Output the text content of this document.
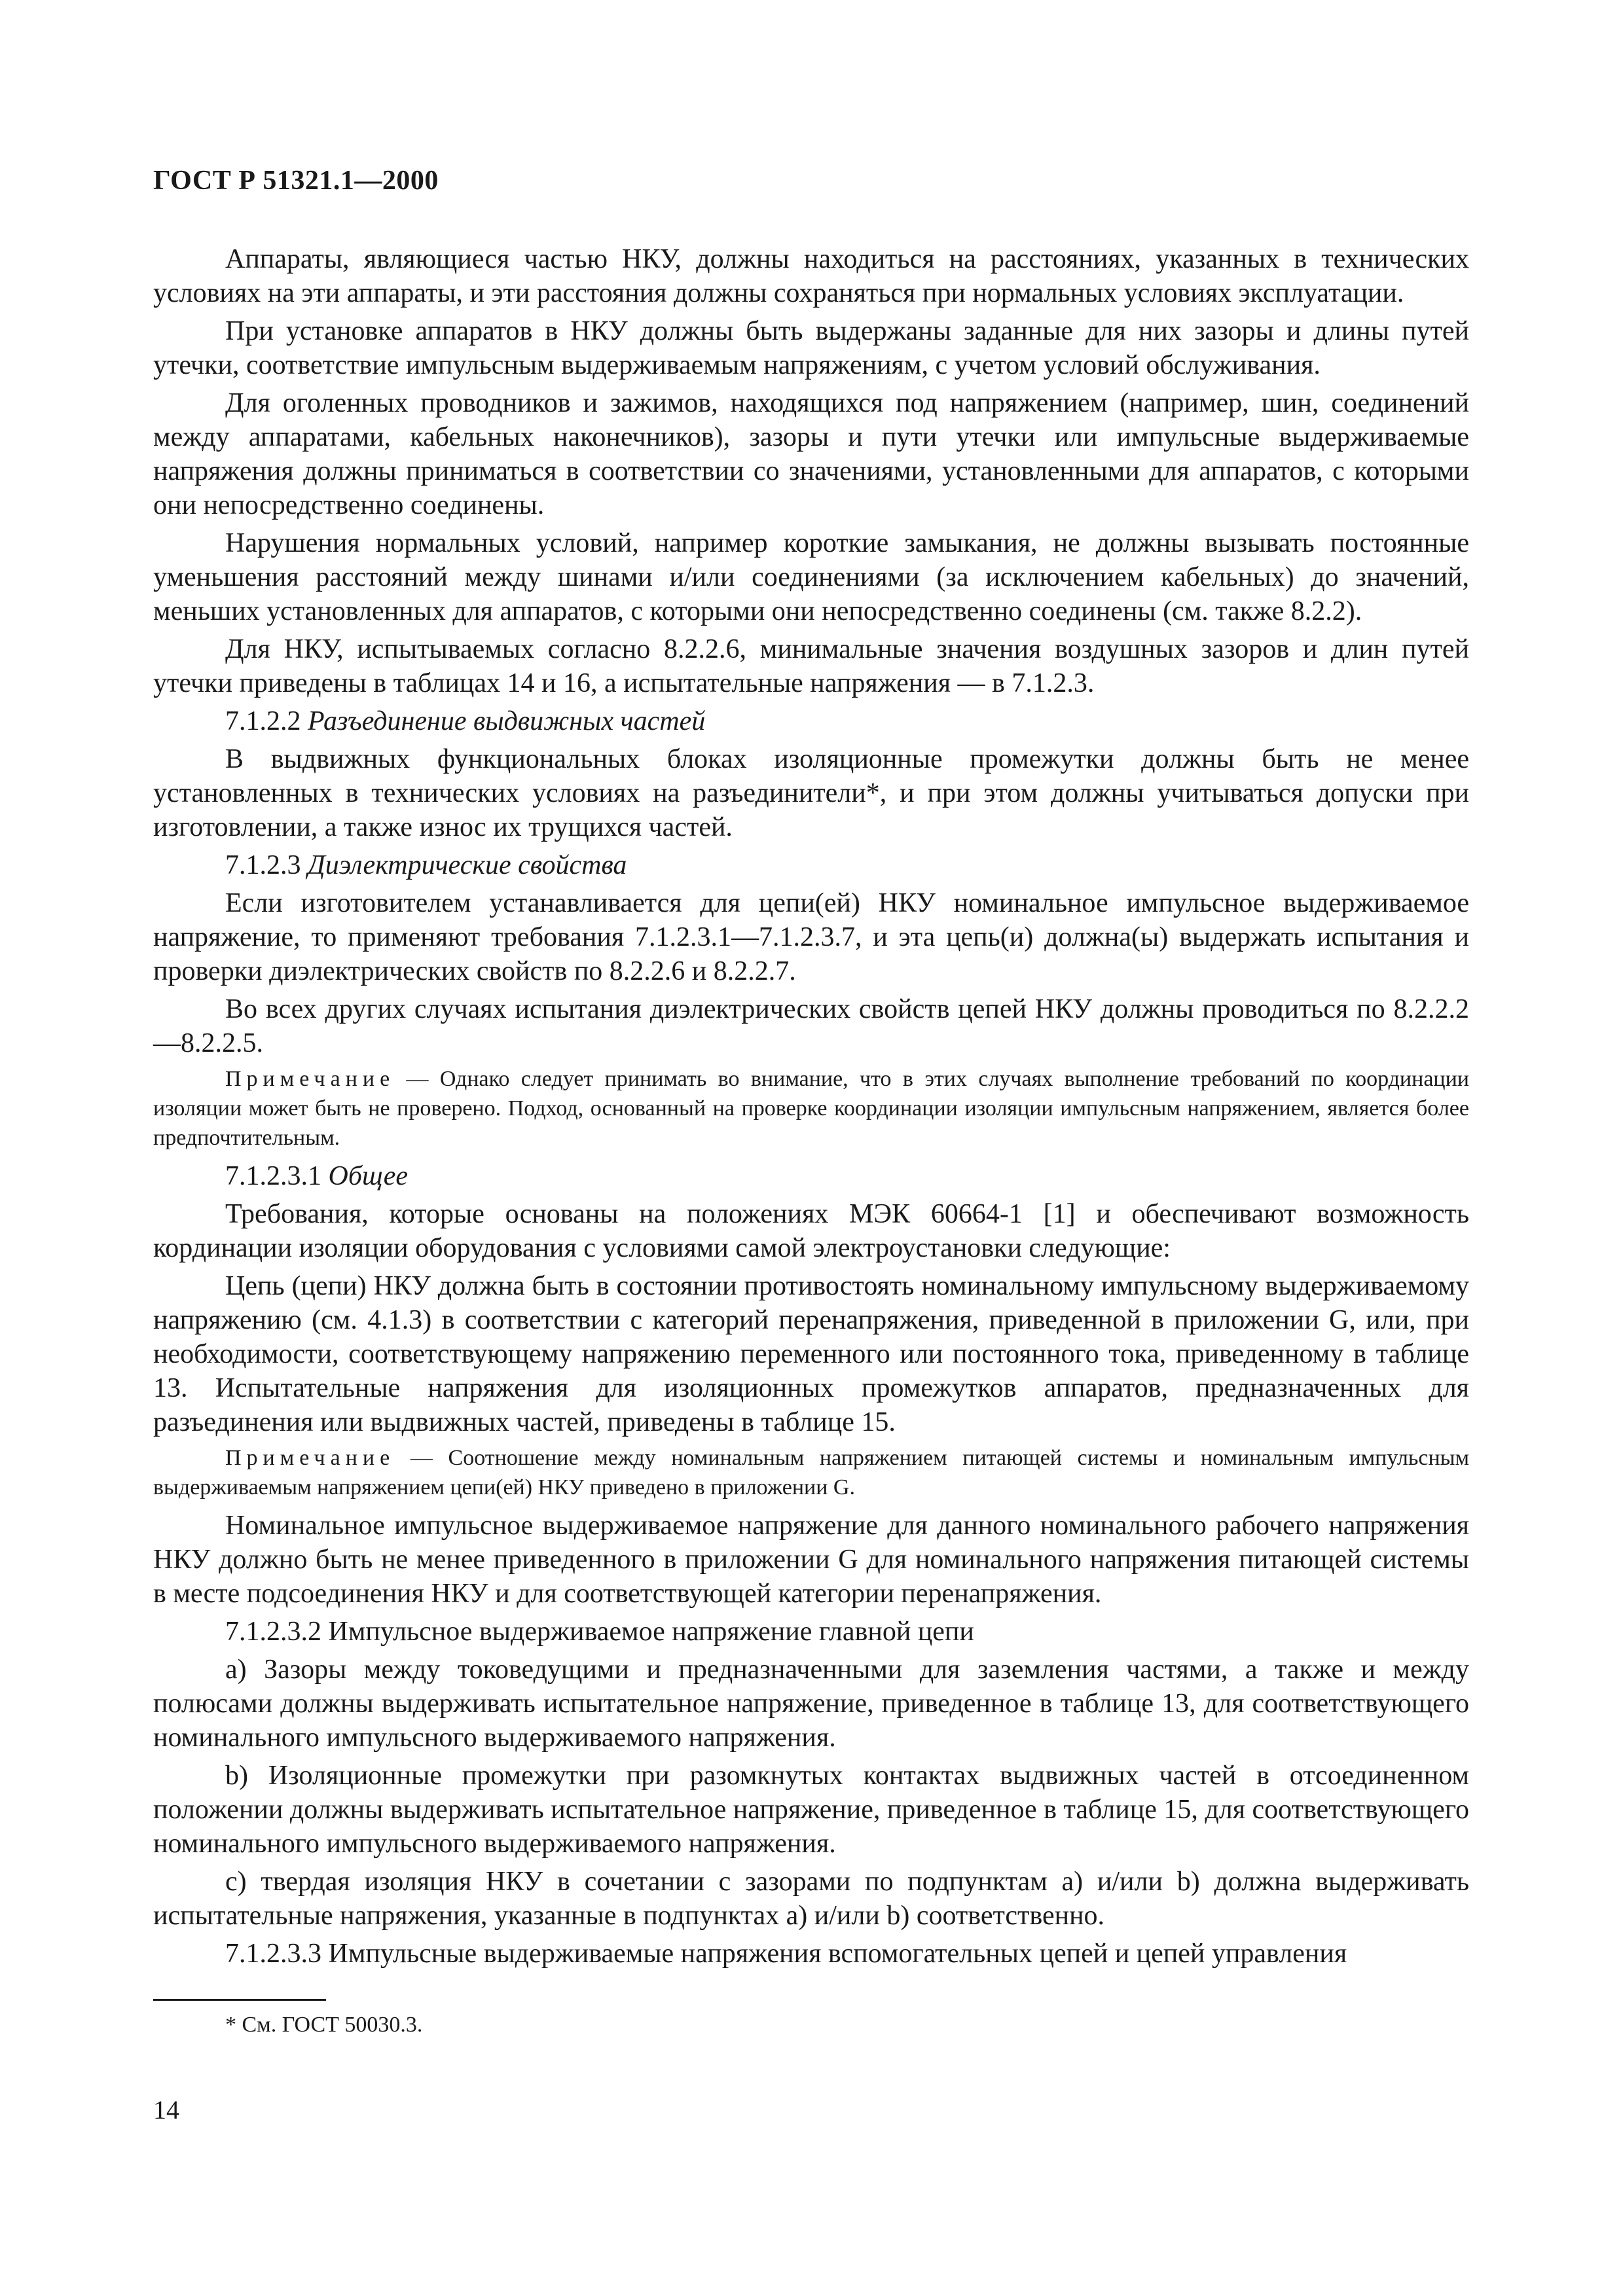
ГОСТ Р 51321.1—2000

Аппараты, являющиеся частью НКУ, должны находиться на расстояниях, указанных в технических условиях на эти аппараты, и эти расстояния должны сохраняться при нормальных условиях эксплуатации.

При установке аппаратов в НКУ должны быть выдержаны заданные для них зазоры и длины путей утечки, соответствие импульсным выдерживаемым напряжениям, с учетом условий обслуживания.

Для оголенных проводников и зажимов, находящихся под напряжением (например, шин, соединений между аппаратами, кабельных наконечников), зазоры и пути утечки или импульсные выдерживаемые напряжения должны приниматься в соответствии со значениями, установленными для аппаратов, с которыми они непосредственно соединены.

Нарушения нормальных условий, например короткие замыкания, не должны вызывать постоянные уменьшения расстояний между шинами и/или соединениями (за исключением кабельных) до значений, меньших установленных для аппаратов, с которыми они непосредственно соединены (см. также 8.2.2).

Для НКУ, испытываемых согласно 8.2.2.6, минимальные значения воздушных зазоров и длин путей утечки приведены в таблицах 14 и 16, а испытательные напряжения — в 7.1.2.3.

7.1.2.2 Разъединение выдвижных частей

В выдвижных функциональных блоках изоляционные промежутки должны быть не менее установленных в технических условиях на разъединители*, и при этом должны учитываться допуски при изготовлении, а также износ их трущихся частей.

7.1.2.3 Диэлектрические свойства

Если изготовителем устанавливается для цепи(ей) НКУ номинальное импульсное выдерживаемое напряжение, то применяют требования 7.1.2.3.1—7.1.2.3.7, и эта цепь(и) должна(ы) выдержать испытания и проверки диэлектрических свойств по 8.2.2.6 и 8.2.2.7.

Во всех других случаях испытания диэлектрических свойств цепей НКУ должны проводиться по 8.2.2.2—8.2.2.5.

Примечание — Однако следует принимать во внимание, что в этих случаях выполнение требований по координации изоляции может быть не проверено. Подход, основанный на проверке координации изоляции импульсным напряжением, является более предпочтительным.

7.1.2.3.1 Общее

Требования, которые основаны на положениях МЭК 60664-1 [1] и обеспечивают возможность кординации изоляции оборудования с условиями самой электроустановки следующие:

Цепь (цепи) НКУ должна быть в состоянии противостоять номинальному импульсному выдерживаемому напряжению (см. 4.1.3) в соответствии с категорий перенапряжения, приведенной в приложении G, или, при необходимости, соответствующему напряжению переменного или постоянного тока, приведенному в таблице 13. Испытательные напряжения для изоляционных промежутков аппаратов, предназначенных для разъединения или выдвижных частей, приведены в таблице 15.

Примечание — Соотношение между номинальным напряжением питающей системы и номинальным импульсным выдерживаемым напряжением цепи(ей) НКУ приведено в приложении G.

Номинальное импульсное выдерживаемое напряжение для данного номинального рабочего напряжения НКУ должно быть не менее приведенного в приложении G для номинального напряжения питающей системы в месте подсоединения НКУ и для соответствующей категории перенапряжения.

7.1.2.3.2 Импульсное выдерживаемое напряжение главной цепи

а) Зазоры между токоведущими и предназначенными для заземления частями, а также и между полюсами должны выдерживать испытательное напряжение, приведенное в таблице 13, для соответствующего номинального импульсного выдерживаемого напряжения.

b) Изоляционные промежутки при разомкнутых контактах выдвижных частей в отсоединенном положении должны выдерживать испытательное напряжение, приведенное в таблице 15, для соответствующего номинального импульсного выдерживаемого напряжения.

c) твердая изоляция НКУ в сочетании с зазорами по подпунктам а) и/или b) должна выдерживать испытательные напряжения, указанные в подпунктах а) и/или b) соответственно.

7.1.2.3.3 Импульсные выдерживаемые напряжения вспомогательных цепей и цепей управления

* См. ГОСТ 50030.3.
14
